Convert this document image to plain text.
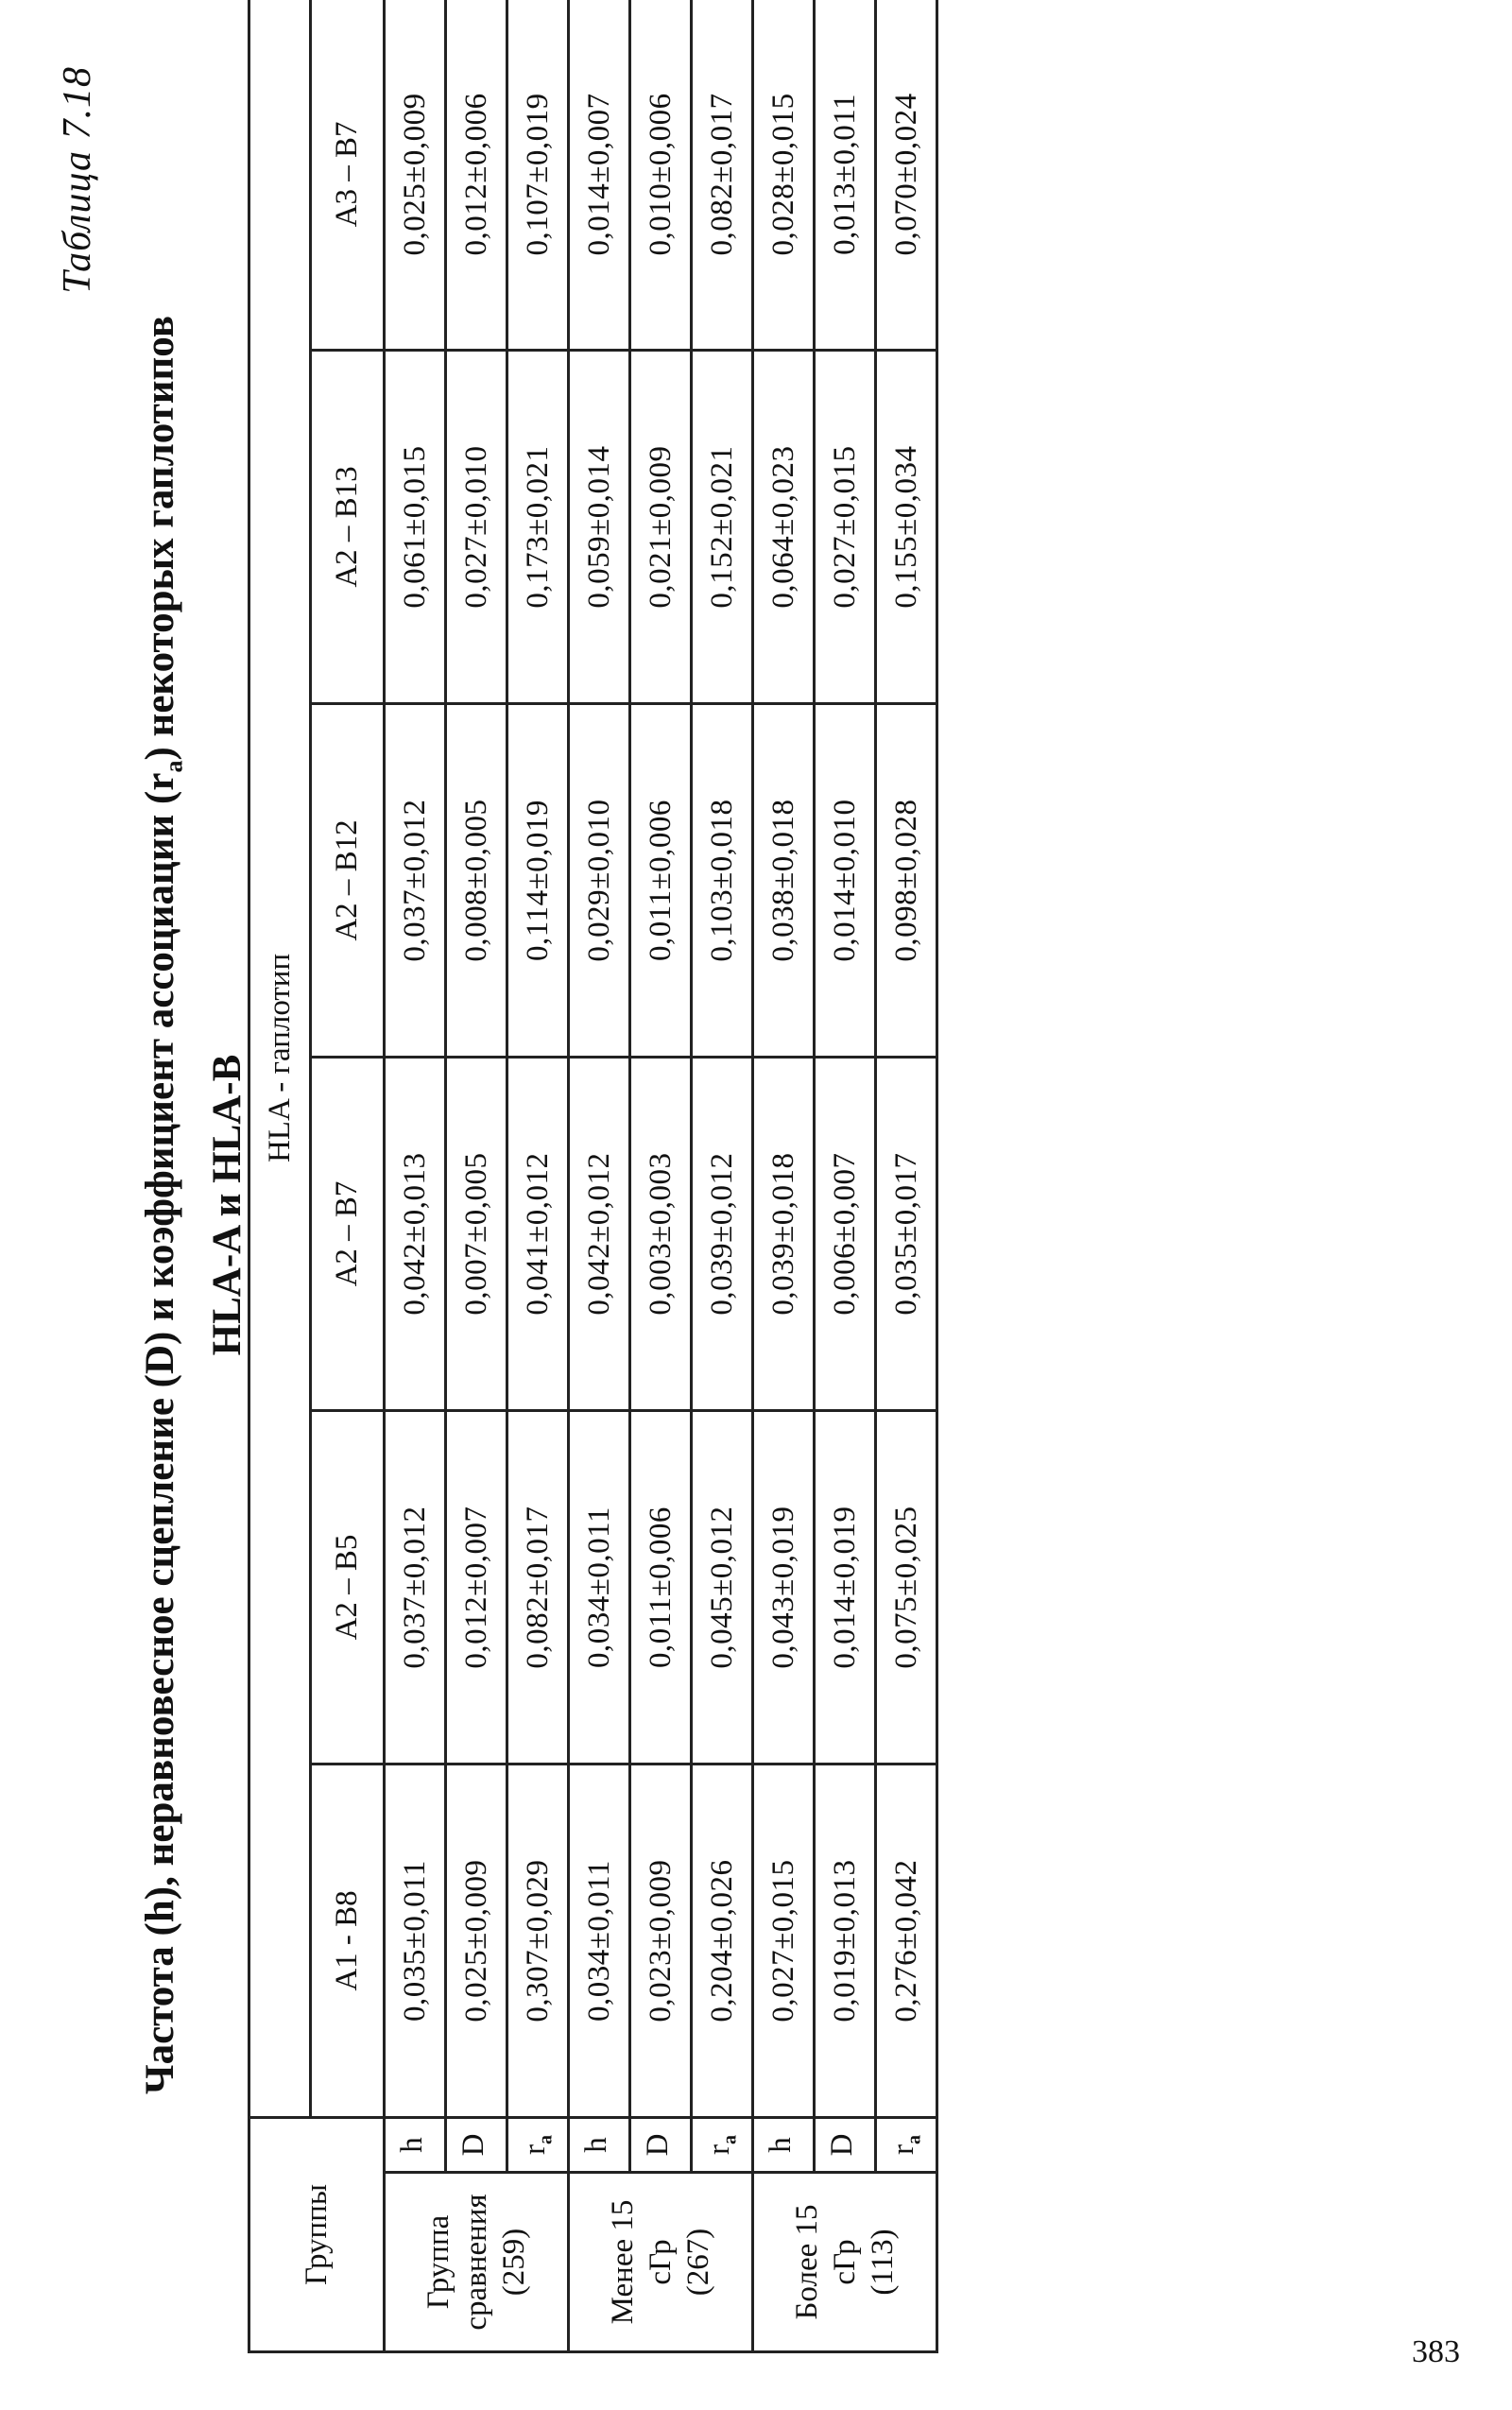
Таблица 7.18
Частота (h), неравновесное сцепление (D) и коэффициент ассоциации $(r_a)$ некоторых гаплотипов
HLA-A и HLA-B
Группы		HLA - гаплотип					
		A1 - B8	A2 – B5	A2 – B7	A2 – B12	A2 – B13	A3 – B7

Группа сравнения (259)	h	0,035±0,011	0,037±0,012	0,042±0,013	0,037±0,012	0,061±0,015	0,025±0,009
	D	0,025±0,009	0,012±0,007	0,007±0,005	0,008±0,005	0,027±0,010	0,012±0,006
	$r_a$	0,307±0,029	0,082±0,017	0,041±0,012	0,114±0,019	0,173±0,021	0,107±0,019

Менее 15 сГр (267)	h	0,034±0,011	0,034±0,011	0,042±0,012	0,029±0,010	0,059±0,014	0,014±0,007
	D	0,023±0,009	0,011±0,006	0,003±0,003	0,011±0,006	0,021±0,009	0,010±0,006
	$r_a$	0,204±0,026	0,045±0,012	0,039±0,012	0,103±0,018	0,152±0,021	0,082±0,017

Более 15 сГр (113)	h	0,027±0,015	0,043±0,019	0,039±0,018	0,038±0,018	0,064±0,023	0,028±0,015
	D	0,019±0,013	0,014±0,019	0,006±0,007	0,014±0,010	0,027±0,015	0,013±0,011
	$r_a$	0,276±0,042	0,075±0,025	0,035±0,017	0,098±0,028	0,155±0,034	0,070±0,024
383
